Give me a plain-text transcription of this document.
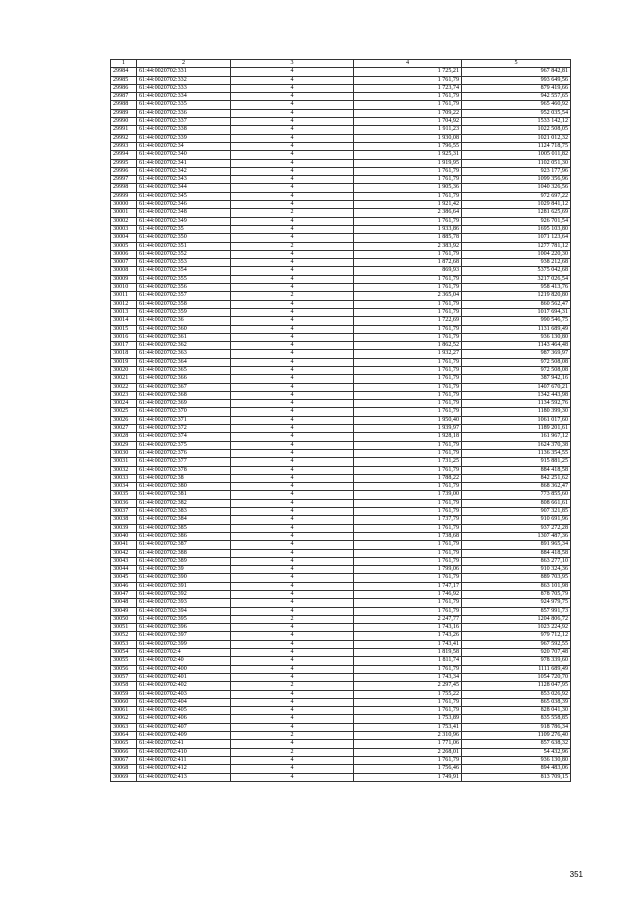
1	2	3	4	5
29984	61:44:0020702:331	4	1 725,21	967 842,81
29985	61:44:0020702:332	4	1 761,79	993 649,56
29986	61:44:0020702:333	4	1 723,74	879 419,66
29987	61:44:0020702:334	4	1 761,79	942 557,65
29988	61:44:0020702:335	4	1 761,79	965 460,92
29989	61:44:0020702:336	4	1 709,22	952 035,54
29990	61:44:0020702:337	4	1 704,92	1533 142,12
29991	61:44:0020702:338	4	1 911,23	1022 508,05
29992	61:44:0020702:339	4	1 930,08	1021 012,32
29993	61:44:0020702:34	4	1 796,55	1124 718,75
29994	61:44:0020702:340	4	1 925,31	1005 011,82
29995	61:44:0020702:341	4	1 919,95	1102 051,30
29996	61:44:0020702:342	4	1 761,79	923 177,96
29997	61:44:0020702:343	4	1 761,79	1099 356,96
29998	61:44:0020702:344	4	1 905,36	1040 326,56
29999	61:44:0020702:345	4	1 761,79	972 697,22
30000	61:44:0020702:346	4	1 921,42	1029 841,12
30001	61:44:0020702:348	2	2 386,64	1281 625,69
30002	61:44:0020702:349	4	1 761,79	926 701,54
30003	61:44:0020702:35	4	1 933,86	1695 103,80
30004	61:44:0020702:350	4	1 885,78	1071 123,64
30005	61:44:0020702:351	2	2 383,92	1277 781,12
30006	61:44:0020702:352	4	1 761,79	1004 220,30
30007	61:44:0020702:353	4	1 872,68	938 212,68
30008	61:44:0020702:354	4	869,93	5375 042,68
30009	61:44:0020702:355	4	1 761,79	3217 026,54
30010	61:44:0020702:356	4	1 761,79	958 413,76
30011	61:44:0020702:357	2	2 365,04	1219 820,80
30012	61:44:0020702:358	4	1 761,79	860 562,47
30013	61:44:0020702:359	4	1 761,79	1017 694,31
30014	61:44:0020702:36	4	1 722,69	990 546,75
30015	61:44:0020702:360	4	1 761,79	1131 689,49
30016	61:44:0020702:361	4	1 761,79	936 130,80
30017	61:44:0020702:362	4	1 862,52	1143 464,48
30018	61:44:0020702:363	4	1 932,27	987 369,97
30019	61:44:0020702:364	4	1 761,79	972 508,08
30020	61:44:0020702:365	4	1 761,79	972 508,08
30021	61:44:0020702:366	4	1 761,79	387 942,16
30022	61:44:0020702:367	4	1 761,79	1407 670,21
30023	61:44:0020702:368	4	1 761,79	1342 443,98
30024	61:44:0020702:369	4	1 761,79	1134 592,76
30025	61:44:0020702:370	4	1 761,79	1180 399,30
30026	61:44:0020702:371	4	1 950,40	1061 017,60
30027	61:44:0020702:372	4	1 939,97	1189 201,61
30028	61:44:0020702:374	4	1 928,18	161 967,12
30029	61:44:0020702:375	4	1 761,79	1624 370,38
30030	61:44:0020702:376	4	1 761,79	1136 354,55
30031	61:44:0020702:377	4	1 731,25	915 881,25
30032	61:44:0020702:378	4	1 761,79	884 418,58
30033	61:44:0020702:38	4	1 788,22	842 251,62
30034	61:44:0020702:380	4	1 761,79	868 362,47
30035	61:44:0020702:381	4	1 739,00	773 855,60
30036	61:44:0020702:382	4	1 761,79	808 661,61
30037	61:44:0020702:383	4	1 761,79	907 321,85
30038	61:44:0020702:384	4	1 737,79	910 691,96
30039	61:44:0020702:385	4	1 761,79	937 272,28
30040	61:44:0020702:386	4	1 738,68	1307 487,36
30041	61:44:0020702:387	4	1 761,79	891 965,34
30042	61:44:0020702:388	4	1 761,79	884 418,58
30043	61:44:0020702:389	4	1 761,79	863 277,10
30044	61:44:0020702:39	4	1 799,06	910 324,36
30045	61:44:0020702:390	4	1 761,79	889 703,95
30046	61:44:0020702:391	4	1 747,17	863 101,98
30047	61:44:0020702:392	4	1 746,92	878 705,79
30048	61:44:0020702:393	4	1 761,79	924 979,75
30049	61:44:0020702:394	4	1 761,79	857 991,73
30050	61:44:0020702:395	2	2 247,77	1204 806,72
30051	61:44:0020702:396	4	1 743,16	1023 224,92
30052	61:44:0020702:397	4	1 743,26	979 712,12
30053	61:44:0020702:399	4	1 743,41	967 592,55
30054	61:44:0020702:4	4	1 819,58	920 707,48
30055	61:44:0020702:40	4	1 811,74	978 339,60
30056	61:44:0020702:400	4	1 761,79	1111 689,49
30057	61:44:0020702:401	4	1 743,34	1054 720,70
30058	61:44:0020702:402	2	2 297,45	1128 047,95
30059	61:44:0020702:403	4	1 755,22	853 026,92
30060	61:44:0020702:404	4	1 761,79	865 038,39
30061	61:44:0020702:405	4	1 761,79	828 041,30
30062	61:44:0020702:406	4	1 753,89	835 558,85
30063	61:44:0020702:407	4	1 753,41	918 786,34
30064	61:44:0020702:409	2	2 310,96	1109 276,40
30065	61:44:0020702:41	4	1 771,06	857 638,32
30066	61:44:0020702:410	2	2 268,01	54 432,96
30067	61:44:0020702:411	4	1 761,79	936 130,80
30068	61:44:0020702:412	4	1 756,46	894 483,06
30069	61:44:0020702:413	4	1 749,91	813 709,15
351
